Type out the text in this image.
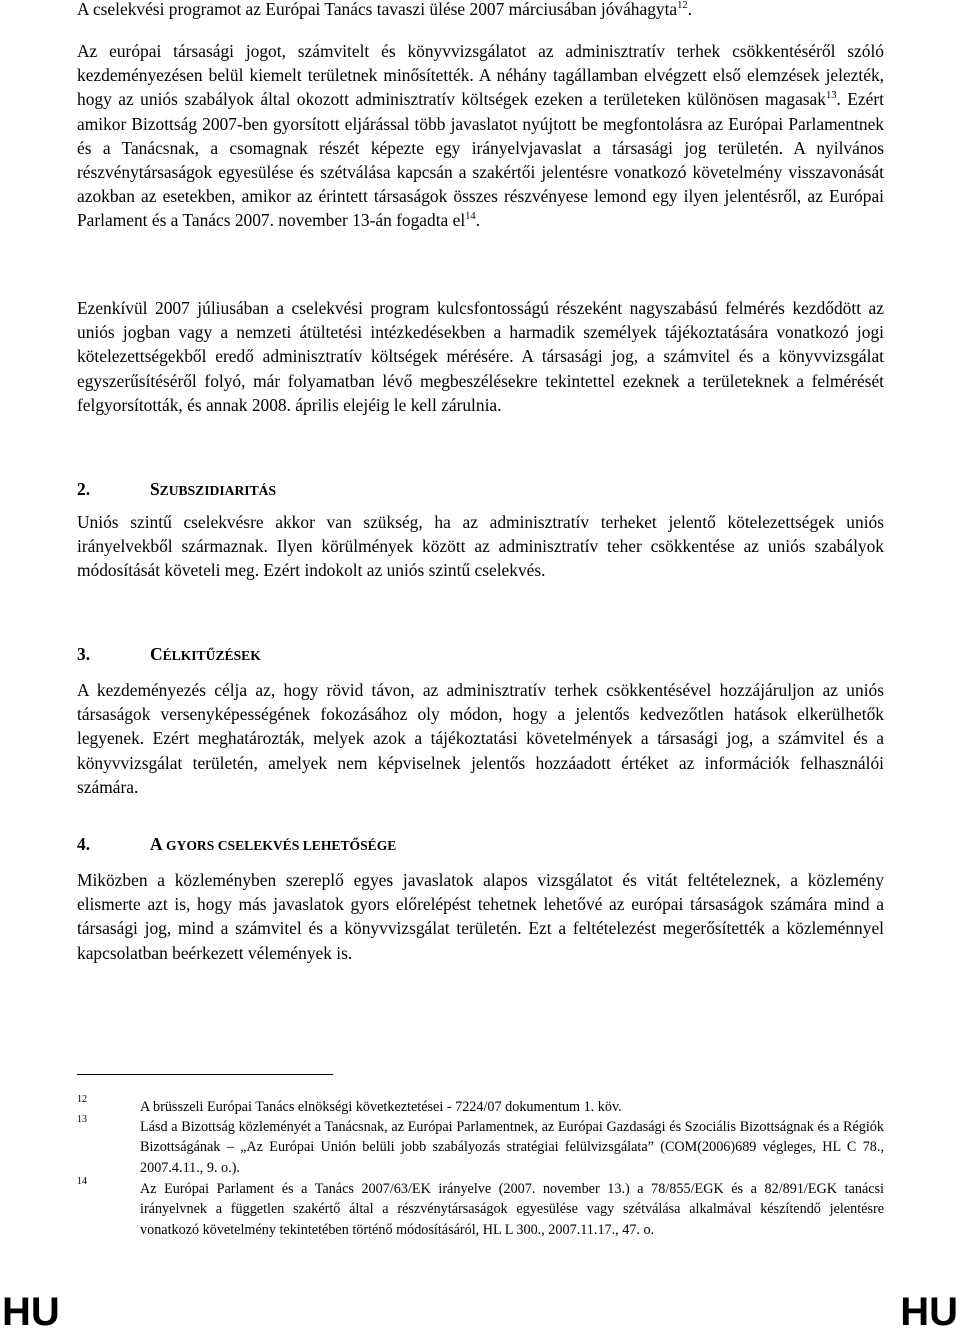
A cselekvési programot az Európai Tanács tavaszi ülése 2007 márciusában jóváhagyta$^{12}$.

Az európai társasági jogot, számvitelt és könyvvizsgálatot az adminisztratív terhek csökkentéséről szóló kezdeményezésen belül kiemelt területnek minősítették. A néhány tagállamban elvégzett első elemzések jelezték, hogy az uniós szabályok által okozott adminisztratív költségek ezeken a területeken különösen magasak$^{13}$. Ezért amikor Bizottság 2007-ben gyorsított eljárással több javaslatot nyújtott be megfontolásra az Európai Parlamentnek és a Tanácsnak, a csomagnak részét képezte egy irányelvjavaslat a társasági jog területén. A nyilvános részvénytársaságok egyesülése és szétválása kapcsán a szakértői jelentésre vonatkozó követelmény visszavonását azokban az esetekben, amikor az érintett társaságok összes részvényese lemond egy ilyen jelentésről, az Európai Parlament és a Tanács 2007. november 13-án fogadta $el^{14}$.

Ezenkívül 2007 júliusában a cselekvési program kulcsfontosságú részeként nagyszabású felmérés kezdődött az uniós jogban vagy a nemzeti átültetési intézkedésekben a harmadik személyek tájékoztatására vonatkozó jogi kötelezettségekből eredő adminisztratív költségek mérésére. A társasági jog, a számvitel és a könyvvizsgálat egyszerűsítéséről folyó, már folyamatban lévő megbeszélésekre tekintettel ezeknek a területeknek a felmérését felgyorsították, és annak 2008. április elejéig le kell zárulnia.

2.	SZUBSZIDIARITÁS

Uniós szintű cselekvésre akkor van szükség, ha az adminisztratív terheket jelentő kötelezettségek uniós irányelvekből származnak. Ilyen körülmények között az adminisztratív teher csökkentése az uniós szabályok módosítását követeli meg. Ezért indokolt az uniós szintű cselekvés.

3.	CÉLKITŰZÉSEK

A kezdeményezés célja az, hogy rövid távon, az adminisztratív terhek csökkentésével hozzájáruljon az uniós társaságok versenyképességének fokozásához oly módon, hogy a jelentős kedvezőtlen hatások elkerülhetők legyenek. Ezért meghatározták, melyek azok a tájékoztatási követelmények a társasági jog, a számvitel és a könyvvizsgálat területén, amelyek nem képviselnek jelentős hozzáadott értéket az információk felhasználói számára.

4.	A GYORS CSELEKVÉS LEHETŐSÉGE

Miközben a közleményben szereplő egyes javaslatok alapos vizsgálatot és vitát feltételeznek, a közlemény elismerte azt is, hogy más javaslatok gyors előrelépést tehetnek lehetővé az európai társaságok számára mind a társasági jog, mind a számvitel és a könyvvizsgálat területén. Ezt a feltételezést megerősítették a közleménnyel kapcsolatban beérkezett vélemények is.

12	A brüsszeli Európai Tanács elnökségi következtetései - 7224/07 dokumentum 1. köv.
13	Lásd a Bizottság közleményét a Tanácsnak, az Európai Parlamentnek, az Európai Gazdasági és Szociális Bizottságnak és a Régiók Bizottságának – „Az Európai Unión belüli jobb szabályozás stratégiai felülvizsgálata” (COM(2006)689 végleges, HL C 78., 2007.4.11., 9. o.).
14	Az Európai Parlament és a Tanács 2007/63/EK irányelve (2007. november 13.) a 78/855/EGK és a 82/891/EGK tanácsi irányelvnek a független szakértő által a részvénytársaságok egyesülése vagy szétválása alkalmával készítendő jelentésre vonatkozó követelmény tekintetében történő módosításáról, HL L 300., 2007.11.17., 47. o.
HU	HU
